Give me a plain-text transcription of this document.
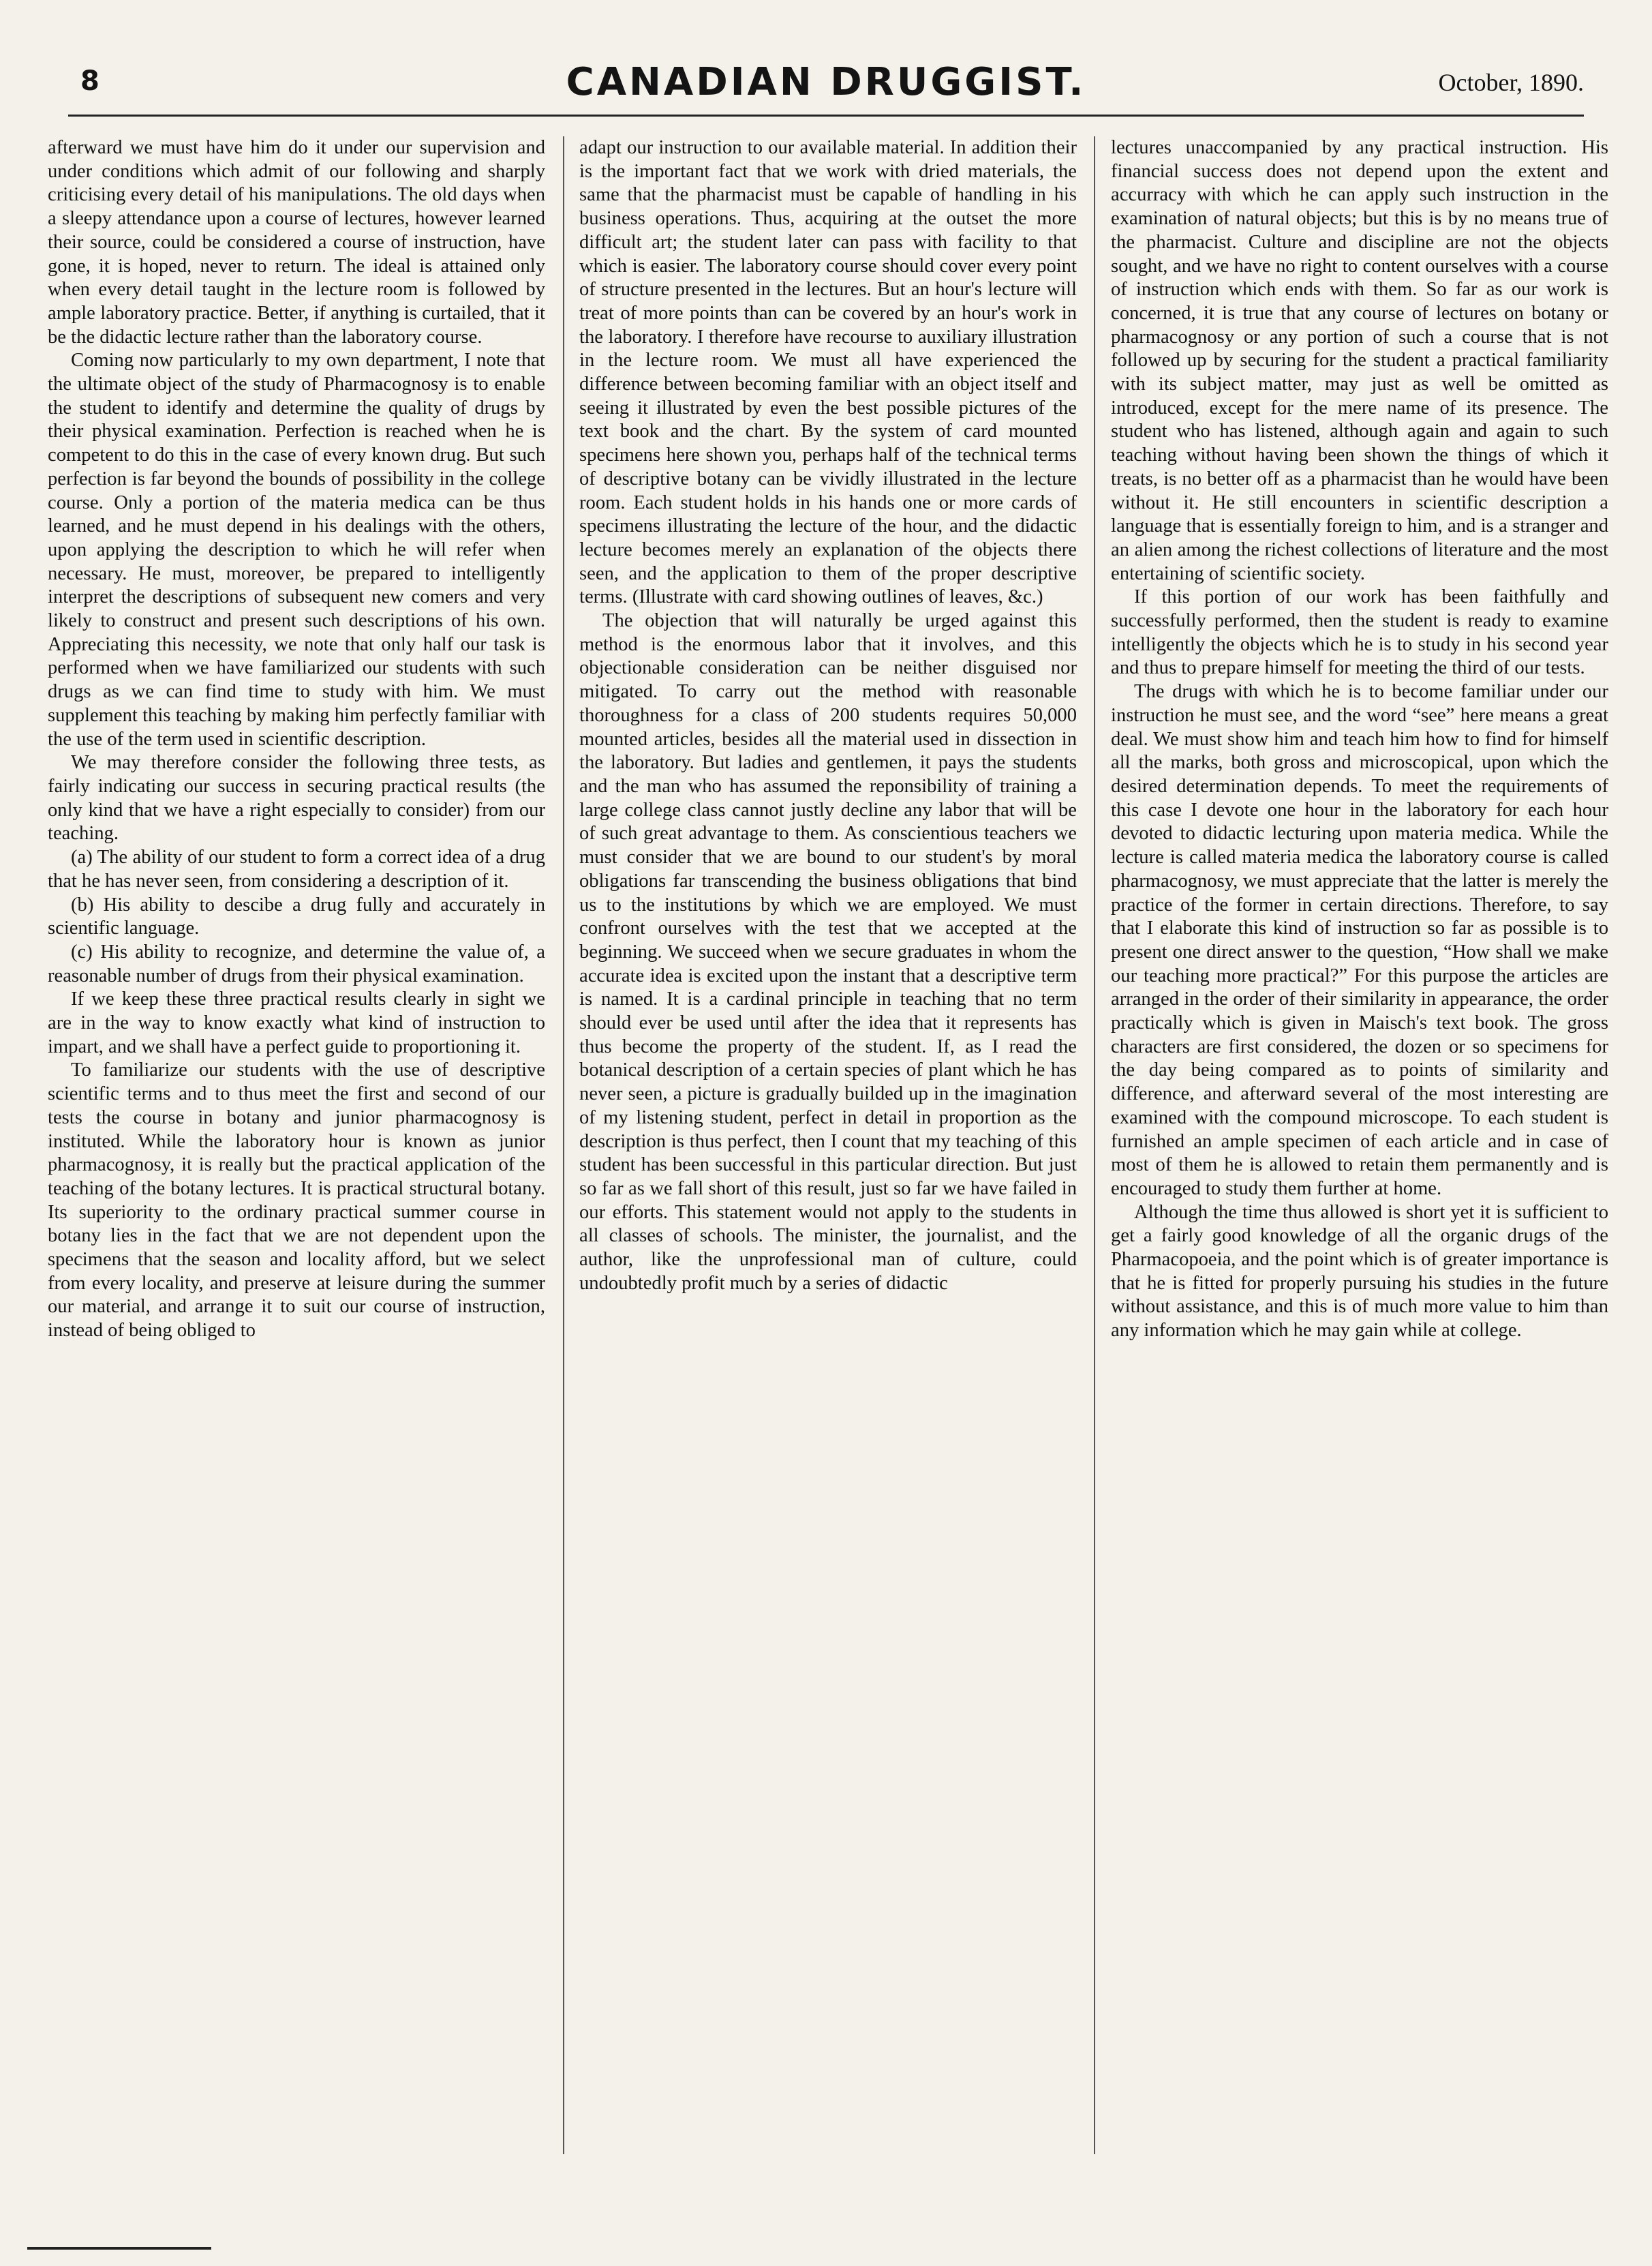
8	CANADIAN DRUGGIST.	October, 1890.

afterward we must have him do it under our supervision and under conditions which admit of our following and sharply criticising every detail of his manipulations. The old days when a sleepy attendance upon a course of lectures, however learned their source, could be considered a course of instruction, have gone, it is hoped, never to return. The ideal is attained only when every detail taught in the lecture room is followed by ample laboratory practice. Better, if anything is curtailed, that it be the didactic lecture rather than the laboratory course.

Coming now particularly to my own department, I note that the ultimate object of the study of Pharmacognosy is to enable the student to identify and determine the quality of drugs by their physical examination. Perfection is reached when he is competent to do this in the case of every known drug. But such perfection is far beyond the bounds of possibility in the college course. Only a portion of the materia medica can be thus learned, and he must depend in his dealings with the others, upon applying the description to which he will refer when necessary. He must, moreover, be prepared to intelligently interpret the descriptions of subsequent new comers and very likely to construct and present such descriptions of his own. Appreciating this necessity, we note that only half our task is performed when we have familiarized our students with such drugs as we can find time to study with him. We must supplement this teaching by making him perfectly familiar with the use of the term used in scientific description.

We may therefore consider the following three tests, as fairly indicating our success in securing practical results (the only kind that we have a right especially to consider) from our teaching.

(a) The ability of our student to form a correct idea of a drug that he has never seen, from considering a description of it.

(b) His ability to descibe a drug fully and accurately in scientific language.

(c) His ability to recognize, and determine the value of, a reasonable number of drugs from their physical examination.

If we keep these three practical results clearly in sight we are in the way to know exactly what kind of instruction to impart, and we shall have a perfect guide to proportioning it.

To familiarize our students with the use of descriptive scientific terms and to thus meet the first and second of our tests the course in botany and junior pharmacognosy is instituted. While the laboratory hour is known as junior pharmacognosy, it is really but the practical application of the teaching of the botany lectures. It is practical structural botany. Its superiority to the ordinary practical summer course in botany lies in the fact that we are not dependent upon the specimens that the season and locality afford, but we select from every locality, and preserve at leisure during the summer our material, and arrange it to suit our course of instruction, instead of being obliged to

adapt our instruction to our available material. In addition their is the important fact that we work with dried materials, the same that the pharmacist must be capable of handling in his business operations. Thus, acquiring at the outset the more difficult art; the student later can pass with facility to that which is easier. The laboratory course should cover every point of structure presented in the lectures. But an hour's lecture will treat of more points than can be covered by an hour's work in the laboratory. I therefore have recourse to auxiliary illustration in the lecture room. We must all have experienced the difference between becoming familiar with an object itself and seeing it illustrated by even the best possible pictures of the text book and the chart. By the system of card mounted specimens here shown you, perhaps half of the technical terms of descriptive botany can be vividly illustrated in the lecture room. Each student holds in his hands one or more cards of specimens illustrating the lecture of the hour, and the didactic lecture becomes merely an explanation of the objects there seen, and the application to them of the proper descriptive terms. (Illustrate with card showing outlines of leaves, &c.)

The objection that will naturally be urged against this method is the enormous labor that it involves, and this objectionable consideration can be neither disguised nor mitigated. To carry out the method with reasonable thoroughness for a class of 200 students requires 50,000 mounted articles, besides all the material used in dissection in the laboratory. But ladies and gentlemen, it pays the students and the man who has assumed the reponsibility of training a large college class cannot justly decline any labor that will be of such great advantage to them. As conscientious teachers we must consider that we are bound to our student's by moral obligations far transcending the business obligations that bind us to the institutions by which we are employed. We must confront ourselves with the test that we accepted at the beginning. We succeed when we secure graduates in whom the accurate idea is excited upon the instant that a descriptive term is named. It is a cardinal principle in teaching that no term should ever be used until after the idea that it represents has thus become the property of the student. If, as I read the botanical description of a certain species of plant which he has never seen, a picture is gradually builded up in the imagination of my listening student, perfect in detail in proportion as the description is thus perfect, then I count that my teaching of this student has been successful in this particular direction. But just so far as we fall short of this result, just so far we have failed in our efforts. This statement would not apply to the students in all classes of schools. The minister, the journalist, and the author, like the unprofessional man of culture, could undoubtedly profit much by a series of didactic

lectures unaccompanied by any practical instruction. His financial success does not depend upon the extent and accurracy with which he can apply such instruction in the examination of natural objects; but this is by no means true of the pharmacist. Culture and discipline are not the objects sought, and we have no right to content ourselves with a course of instruction which ends with them. So far as our work is concerned, it is true that any course of lectures on botany or pharmacognosy or any portion of such a course that is not followed up by securing for the student a practical familiarity with its subject matter, may just as well be omitted as introduced, except for the mere name of its presence. The student who has listened, although again and again to such teaching without having been shown the things of which it treats, is no better off as a pharmacist than he would have been without it. He still encounters in scientific description a language that is essentially foreign to him, and is a stranger and an alien among the richest collections of literature and the most entertaining of scientific society.

If this portion of our work has been faithfully and successfully performed, then the student is ready to examine intelligently the objects which he is to study in his second year and thus to prepare himself for meeting the third of our tests.

The drugs with which he is to become familiar under our instruction he must see, and the word “see” here means a great deal. We must show him and teach him how to find for himself all the marks, both gross and microscopical, upon which the desired determination depends. To meet the requirements of this case I devote one hour in the laboratory for each hour devoted to didactic lecturing upon materia medica. While the lecture is called materia medica the laboratory course is called pharmacognosy, we must appreciate that the latter is merely the practice of the former in certain directions. Therefore, to say that I elaborate this kind of instruction so far as possible is to present one direct answer to the question, “How shall we make our teaching more practical?” For this purpose the articles are arranged in the order of their similarity in appearance, the order practically which is given in Maisch's text book. The gross characters are first considered, the dozen or so specimens for the day being compared as to points of similarity and difference, and afterward several of the most interesting are examined with the compound microscope. To each student is furnished an ample specimen of each article and in case of most of them he is allowed to retain them permanently and is encouraged to study them further at home.

Although the time thus allowed is short yet it is sufficient to get a fairly good knowledge of all the organic drugs of the Pharmacopoeia, and the point which is of greater importance is that he is fitted for properly pursuing his studies in the future without assistance, and this is of much more value to him than any information which he may gain while at college.
